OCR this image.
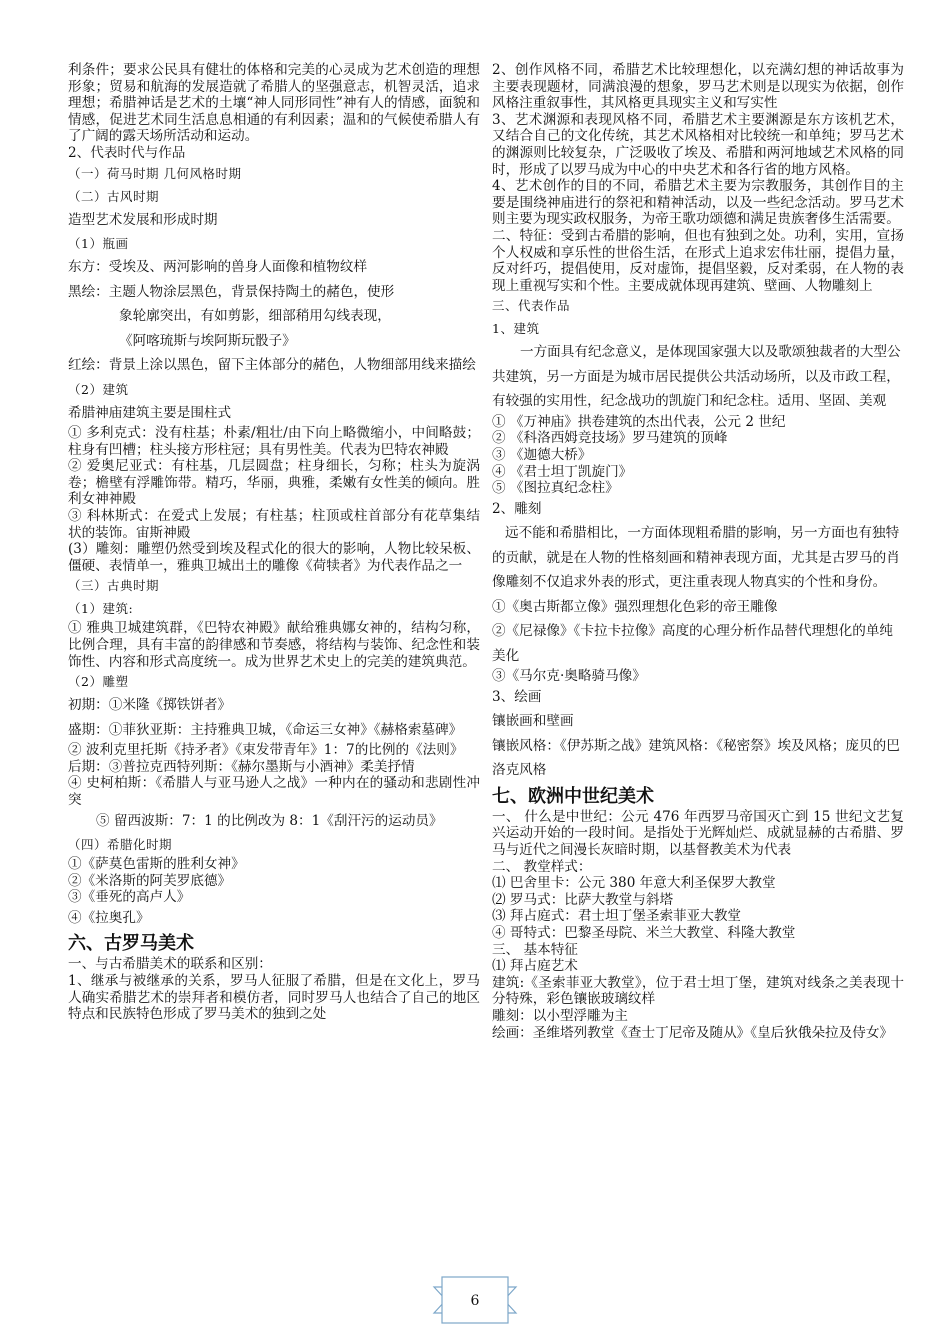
利条件；要求公民具有健壮的体格和完美的心灵成为艺术创造的理想形象；贸易和航海的发展造就了希腊人的坚强意志，机智灵活，追求理想；希腊神话是艺术的土壤“神人同形同性”神有人的情感，面貌和情感，促进艺术同生活息息相通的有利因素；温和的气候使希腊人有了广阔的露天场所活动和运动。

2、代表时代与作品

（一）荷马时期 几何风格时期

（二）古风时期

造型艺术发展和形成时期

（1）瓶画

东方：受埃及、两河影响的兽身人面像和植物纹样

黑绘：主题人物涂层黑色，背景保持陶土的赭色，使形

象轮廓突出，有如剪影，细部稍用勾线表现，

《阿喀琉斯与埃阿斯玩骰子》

红绘：背景上涂以黑色，留下主体部分的赭色，人物细部用线来描绘

（2）建筑

希腊神庙建筑主要是围柱式

① 多利克式：没有柱基；朴素/粗壮/由下向上略微缩小，中间略鼓；柱身有凹槽；柱头接方形柱冠；具有男性美。代表为巴特农神殿

② 爱奥尼亚式：有柱基，几层圆盘；柱身细长，匀称；柱头为旋涡卷；檐壁有浮雕饰带。精巧，华丽，典雅，柔嫩有女性美的倾向。胜利女神神殿

③ 科林斯式：在爱式上发展；有柱基；柱顶或柱首部分有花草集结状的装饰。宙斯神殿

(3）雕刻：雕塑仍然受到埃及程式化的很大的影响，人物比较呆板、僵硬、表情单一，雅典卫城出土的雕像《荷犊者》为代表作品之一

（三）古典时期

（1）建筑:

① 雅典卫城建筑群，《巴特农神殿》献给雅典娜女神的，结构匀称，比例合理，具有丰富的韵律感和节奏感，将结构与装饰、纪念性和装饰性、内容和形式高度统一。成为世界艺术史上的完美的建筑典范。

（2）雕塑

初期：①米隆《掷铁饼者》

盛期：①菲狄亚斯：主持雅典卫城，《命运三女神》《赫格索墓碑》

② 波利克里托斯《持矛者》《束发带青年》1：7的比例的《法则》

后期：③普拉克西特列斯：《赫尔墨斯与小酒神》柔美抒情

④ 史柯柏斯：《希腊人与亚马逊人之战》一种内在的骚动和悲剧性冲突

⑤ 留西波斯：7：1 的比例改为 8：1《刮汗污的运动员》

（四）希腊化时期

①《萨莫色雷斯的胜利女神》

②《米洛斯的阿芙罗底德》

③《垂死的高卢人》

④《拉奥孔》

六、古罗马美术

一、与古希腊美术的联系和区别：

1、继承与被继承的关系，罗马人征服了希腊，但是在文化上，罗马人确实希腊艺术的崇拜者和模仿者，同时罗马人也结合了自己的地区特点和民族特色形成了罗马美术的独到之处

2、创作风格不同，希腊艺术比较理想化，以充满幻想的神话故事为主要表现题材，同满浪漫的想象，罗马艺术则是以现实为依据，创作风格注重叙事性，其风格更具现实主义和写实性

3、艺术渊源和表现风格不同，希腊艺术主要渊源是东方该机艺术，又结合自己的文化传统，其艺术风格相对比较统一和单纯；罗马艺术的渊源则比较复杂，广泛吸收了埃及、希腊和两河地域艺术风格的同时，形成了以罗马成为中心的中央艺术和各行省的地方风格。

4、艺术创作的目的不同，希腊艺术主要为宗教服务，其创作目的主要是围绕神庙进行的祭祀和精神活动，以及一些纪念活动。罗马艺术则主要为现实政权服务，为帝王歌功颂德和满足贵族奢侈生活需要。

二、特征：受到古希腊的影响，但也有独到之处。功利，实用，宣扬个人权威和享乐性的世俗生活，在形式上追求宏伟壮丽，提倡力量，反对纤巧，提倡使用，反对虚饰，提倡坚毅，反对柔弱，在人物的表现上重视写实和个性。主要成就体现再建筑、壁画、人物雕刻上

三、代表作品

1、建筑

一方面具有纪念意义，是体现国家强大以及歌颂独裁者的大型公共建筑，另一方面是为城市居民提供公共活动场所，以及市政工程，有较强的实用性，纪念战功的凯旋门和纪念柱。适用、坚固、美观

① 《万神庙》拱卷建筑的杰出代表，公元 2 世纪

② 《科洛西姆竞技场》罗马建筑的顶峰

③ 《迦德大桥》

④ 《君士坦丁凯旋门》

⑤ 《图拉真纪念柱》

2、雕刻

远不能和希腊相比，一方面体现粗希腊的影响，另一方面也有独特的贡献，就是在人物的性格刻画和精神表现方面，尤其是古罗马的肖像雕刻不仅追求外表的形式，更注重表现人物真实的个性和身份。

①《奥古斯都立像》强烈理想化色彩的帝王雕像

②《尼禄像》《卡拉卡拉像》高度的心理分析作品替代理想化的单纯美化

③《马尔克·奥略骑马像》

3、绘画

镶嵌画和壁画

镶嵌风格：《伊苏斯之战》建筑风格：《秘密祭》埃及风格；庞贝的巴洛克风格

七、欧洲中世纪美术

一、 什么是中世纪：公元 476 年西罗马帝国灭亡到 15 世纪文艺复兴运动开始的一段时间。是指处于光辉灿烂、成就显赫的古希腊、罗马与近代之间漫长灰暗时期，以基督教美术为代表

二、 教堂样式：

⑴ 巴舍里卡：公元 380 年意大利圣保罗大教堂

⑵ 罗马式：比萨大教堂与斜塔

⑶ 拜占庭式：君士坦丁堡圣索菲亚大教堂

④ 哥特式：巴黎圣母院、米兰大教堂、科隆大教堂

三、 基本特征

⑴ 拜占庭艺术

建筑:《圣索菲亚大教堂》，位于君士坦丁堡，建筑对线条之美表现十分特殊，彩色镶嵌玻璃纹样

雕刻：以小型浮雕为主

绘画：圣维塔列教堂《查士丁尼帝及随从》《皇后狄俄朵拉及侍女》

6
